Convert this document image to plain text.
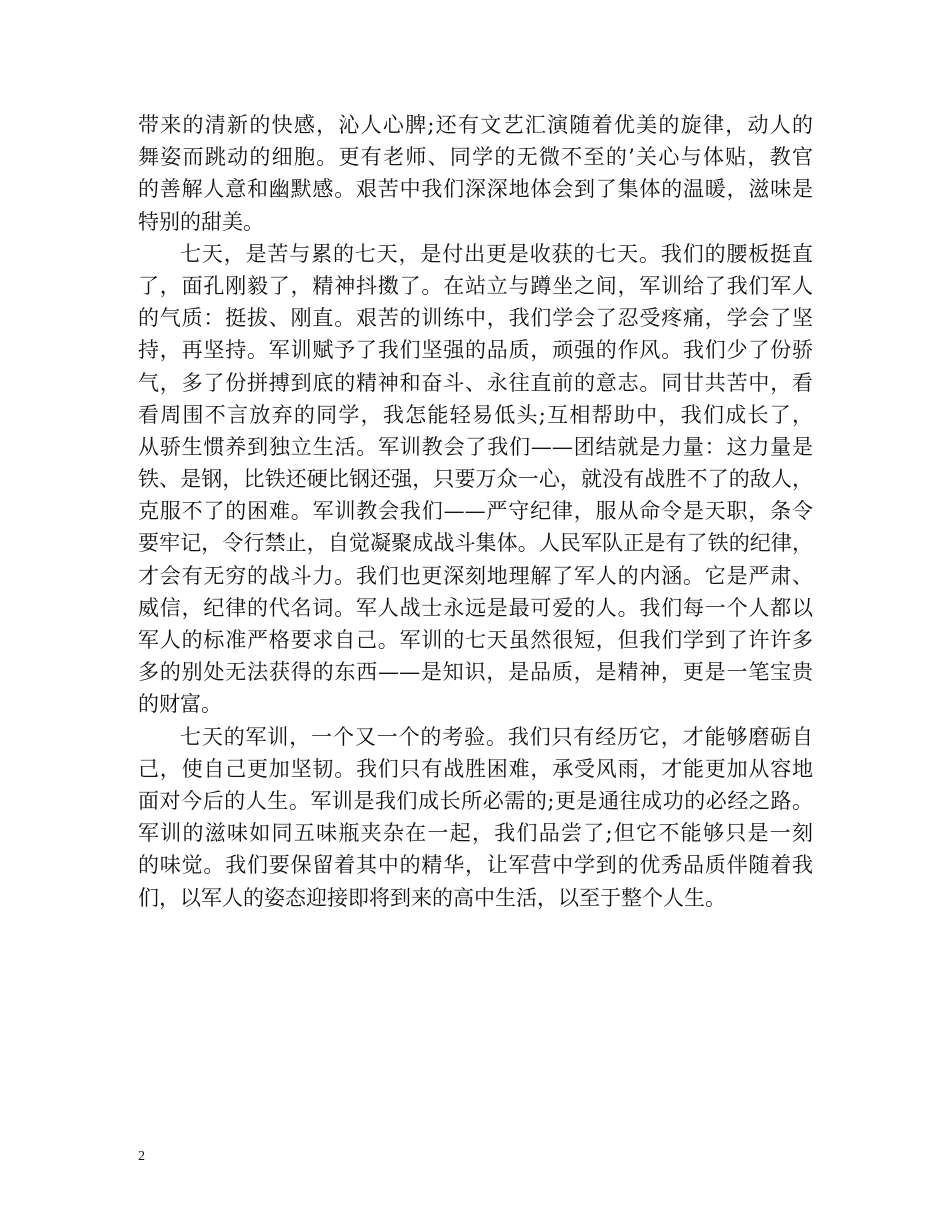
带来的清新的快感，沁人心脾;还有文艺汇演随着优美的旋律，动人的
舞姿而跳动的细胞。更有老师、同学的无微不至的’关心与体贴，教官
的善解人意和幽默感。艰苦中我们深深地体会到了集体的温暖，滋味是
特别的甜美。

七天，是苦与累的七天，是付出更是收获的七天。我们的腰板挺直
了，面孔刚毅了，精神抖擞了。在站立与蹲坐之间，军训给了我们军人
的气质：挺拔、刚直。艰苦的训练中，我们学会了忍受疼痛，学会了坚
持，再坚持。军训赋予了我们坚强的品质，顽强的作风。我们少了份骄
气，多了份拼搏到底的精神和奋斗、永往直前的意志。同甘共苦中，看
看周围不言放弃的同学，我怎能轻易低头;互相帮助中，我们成长了，
从骄生惯养到独立生活。军训教会了我们——团结就是力量：这力量是
铁、是钢，比铁还硬比钢还强，只要万众一心，就没有战胜不了的敌人，
克服不了的困难。军训教会我们——严守纪律，服从命令是天职，条令
要牢记，令行禁止，自觉凝聚成战斗集体。人民军队正是有了铁的纪律，
才会有无穷的战斗力。我们也更深刻地理解了军人的内涵。它是严肃、
威信，纪律的代名词。军人战士永远是最可爱的人。我们每一个人都以
军人的标准严格要求自己。军训的七天虽然很短，但我们学到了许许多
多的别处无法获得的东西——是知识，是品质，是精神，更是一笔宝贵
的财富。

七天的军训，一个又一个的考验。我们只有经历它，才能够磨砺自
己，使自己更加坚韧。我们只有战胜困难，承受风雨，才能更加从容地
面对今后的人生。军训是我们成长所必需的;更是通往成功的必经之路。
军训的滋味如同五味瓶夹杂在一起，我们品尝了;但它不能够只是一刻
的味觉。我们要保留着其中的精华，让军营中学到的优秀品质伴随着我
们，以军人的姿态迎接即将到来的高中生活，以至于整个人生。

2
